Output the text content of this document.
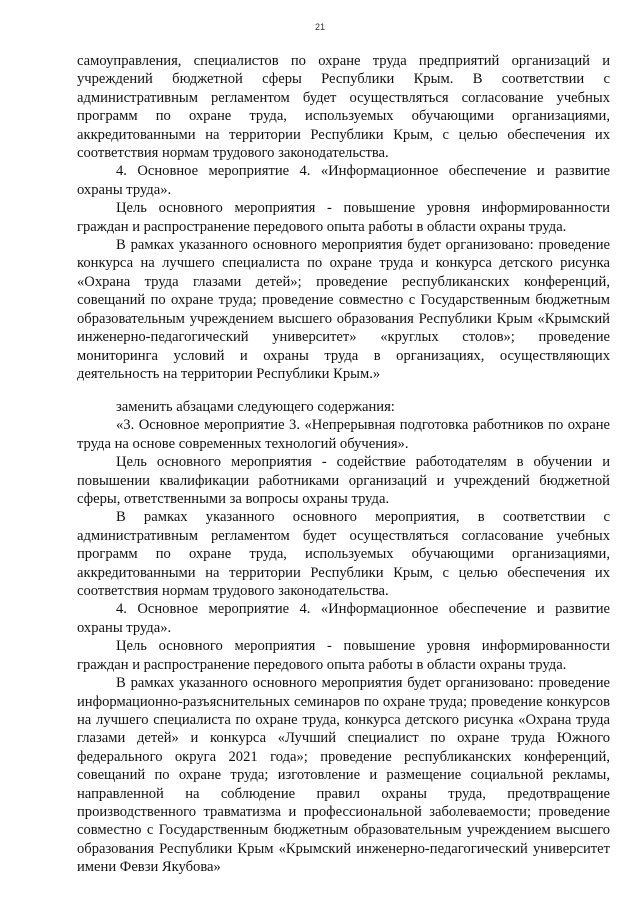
21

самоуправления, специалистов по охране труда предприятий организаций и учреждений бюджетной сферы Республики Крым. В соответствии с административным регламентом будет осуществляться согласование учебных программ по охране труда, используемых обучающими организациями, аккредитованными на территории Республики Крым, с целью обеспечения их соответствия нормам трудового законодательства.

4. Основное мероприятие 4. «Информационное обеспечение и развитие охраны труда».

Цель основного мероприятия - повышение уровня информированности граждан и распространение передового опыта работы в области охраны труда.

В рамках указанного основного мероприятия будет организовано: проведение конкурса на лучшего специалиста по охране труда и конкурса детского рисунка «Охрана труда глазами детей»; проведение республиканских конференций, совещаний по охране труда; проведение совместно с Государственным бюджетным образовательным учреждением высшего образования Республики Крым «Крымский инженерно-педагогический университет» «круглых столов»; проведение мониторинга условий и охраны труда в организациях, осуществляющих деятельность на территории Республики Крым.»

заменить абзацами следующего содержания:

«3. Основное мероприятие 3. «Непрерывная подготовка работников по охране труда на основе современных технологий обучения».

Цель основного мероприятия - содействие работодателям в обучении и повышении квалификации работниками организаций и учреждений бюджетной сферы, ответственными за вопросы охраны труда.

В рамках указанного основного мероприятия, в соответствии с административным регламентом будет осуществляться согласование учебных программ по охране труда, используемых обучающими организациями, аккредитованными на территории Республики Крым, с целью обеспечения их соответствия нормам трудового законодательства.

4. Основное мероприятие 4. «Информационное обеспечение и развитие охраны труда».

Цель основного мероприятия - повышение уровня информированности граждан и распространение передового опыта работы в области охраны труда.

В рамках указанного основного мероприятия будет организовано: проведение информационно-разъяснительных семинаров по охране труда; проведение конкурсов на лучшего специалиста по охране труда, конкурса детского рисунка «Охрана труда глазами детей» и конкурса «Лучший специалист по охране труда Южного федерального округа 2021 года»; проведение республиканских конференций, совещаний по охране труда; изготовление и размещение социальной рекламы, направленной на соблюдение правил охраны труда, предотвращение производственного травматизма и профессиональной заболеваемости; проведение совместно с Государственным бюджетным образовательным учреждением высшего образования Республики Крым «Крымский инженерно-педагогический университет имени Февзи Якубова»
